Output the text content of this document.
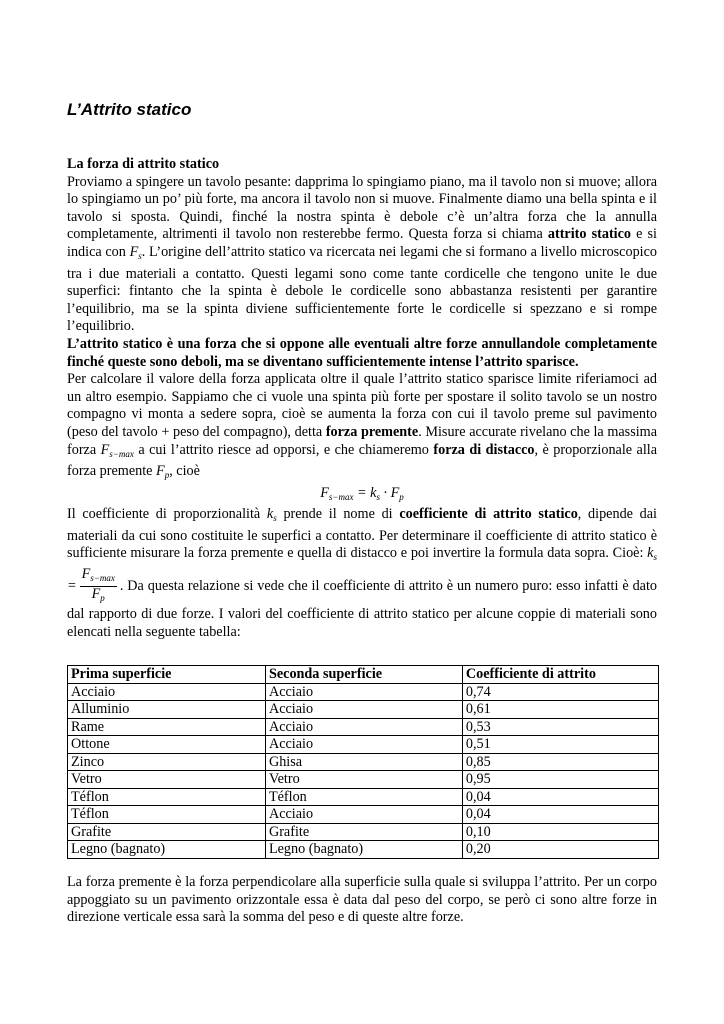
L’Attrito statico

La forza di attrito statico

Proviamo a spingere un tavolo pesante: dapprima lo spingiamo piano, ma il tavolo non si muove; allora lo spingiamo un po’ più forte, ma ancora il tavolo non si muove. Finalmente diamo una bella spinta e il tavolo si sposta. Quindi, finché la nostra spinta è debole c’è un’altra forza che la annulla completamente, altrimenti il tavolo non resterebbe fermo. Questa forza si chiama attrito statico e si indica con $F_s$. L’origine dell’attrito statico va ricercata nei legami che si formano a livello microscopico tra i due materiali a contatto. Questi legami sono come tante cordicelle che tengono unite le due superfici: fintanto che la spinta è debole le cordicelle sono abbastanza resistenti per garantire l’equilibrio, ma se la spinta diviene sufficientemente forte le cordicelle si spezzano e si rompe l’equilibrio.

L’attrito statico è una forza che si oppone alle eventuali altre forze annullandole completamente finché queste sono deboli, ma se diventano sufficientemente intense l’attrito sparisce.

Per calcolare il valore della forza applicata oltre il quale l’attrito statico sparisce limite riferiamoci ad un altro esempio. Sappiamo che ci vuole una spinta più forte per spostare il solito tavolo se un nostro compagno vi monta a sedere sopra, cioè se aumenta la forza con cui il tavolo preme sul pavimento (peso del tavolo + peso del compagno), detta forza premente. Misure accurate rivelano che la massima forza $F_{s-max}$ a cui l’attrito riesce ad opporsi, e che chiameremo forza di distacco, è proporzionale alla forza premente $F_p$, cioè

$F_{s-max} = k_s \cdot F_p$

Il coefficiente di proporzionalità $k_s$ prende il nome di coefficiente di attrito statico, dipende dai materiali da cui sono costituite le superfici a contatto. Per determinare il coefficiente di attrito statico è sufficiente misurare la forza premente e quella di distacco e poi invertire la formula data sopra. Cioè: $k_s = \frac{F_{s-max}}{F_p}$ . Da questa relazione si vede che il coefficiente di attrito è un numero puro: esso infatti è dato dal rapporto di due forze. I valori del coefficiente di attrito statico per alcune coppie di materiali sono elencati nella seguente tabella:

Prima superficie	Seconda superficie	Coefficiente di attrito
Acciaio	Acciaio	0,74
Alluminio	Acciaio	0,61
Rame	Acciaio	0,53
Ottone	Acciaio	0,51
Zinco	Ghisa	0,85
Vetro	Vetro	0,95
Téflon	Téflon	0,04
Téflon	Acciaio	0,04
Grafite	Grafite	0,10
Legno (bagnato)	Legno (bagnato)	0,20

La forza premente è la forza perpendicolare alla superficie sulla quale si sviluppa l’attrito. Per un corpo appoggiato su un pavimento orizzontale essa è data dal peso del corpo, se però ci sono altre forze in direzione verticale essa sarà la somma del peso e di queste altre forze.
